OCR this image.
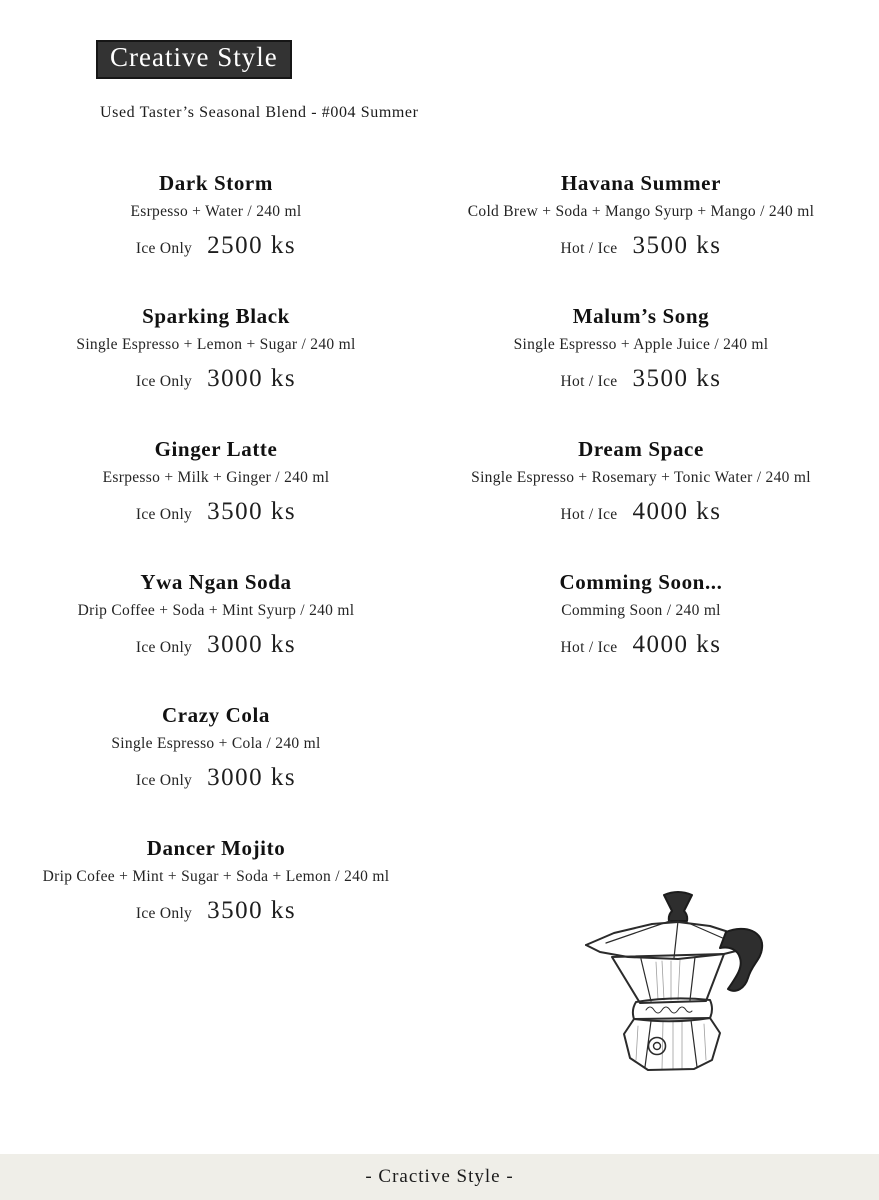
Creative Style
Used Taster’s Seasonal Blend - #004 Summer
Dark Storm
Esrpesso + Water / 240 ml
Ice Only 2500 ks
Sparking Black
Single Espresso + Lemon + Sugar / 240 ml
Ice Only 3000 ks
Ginger Latte
Esrpesso + Milk + Ginger / 240 ml
Ice Only 3500 ks
Ywa Ngan Soda
Drip Coffee + Soda + Mint Syurp / 240 ml
Ice Only 3000 ks
Crazy Cola
Single Espresso + Cola / 240 ml
Ice Only 3000 ks
Dancer Mojito
Drip Cofee + Mint + Sugar + Soda + Lemon / 240 ml
Ice Only 3500 ks
Havana Summer
Cold Brew + Soda + Mango Syurp + Mango / 240 ml
Hot / Ice 3500 ks
Malum’s Song
Single Espresso + Apple Juice / 240 ml
Hot / Ice 3500 ks
Dream Space
Single Espresso + Rosemary + Tonic Water / 240 ml
Hot / Ice 4000 ks
Comming Soon...
Comming Soon / 240 ml
Hot / Ice 4000 ks
- Cractive Style -
